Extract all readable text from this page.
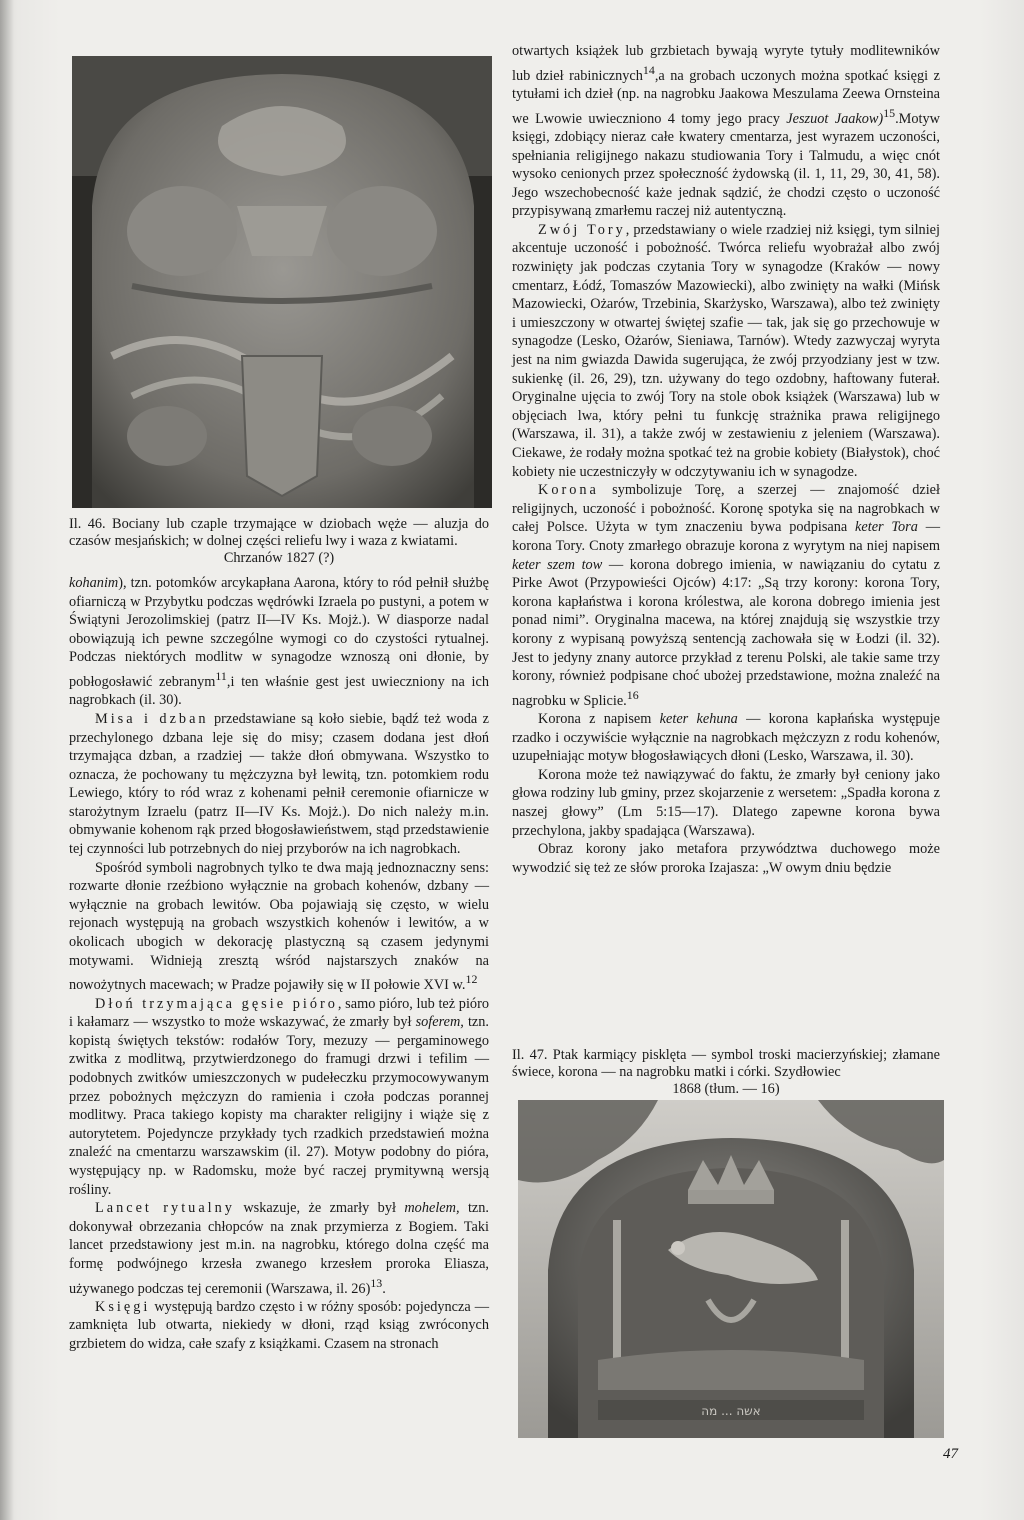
Il. 46. Bociany lub czaple trzymające w dziobach węże — aluzja do czasów mesjańskich; w dolnej części reliefu lwy i waza z kwiatami.
Chrzanów 1827 (?)

kohanim), tzn. potomków arcykapłana Aarona, który to ród pełnił służbę ofiarniczą w Przybytku podczas wędrówki Izraela po pustyni, a potem w Świątyni Jerozolimskiej (patrz II—IV Ks. Mojż.). W diasporze nadal obowiązują ich pewne szczególne wymogi co do czystości rytualnej. Podczas niektórych modlitw w synagodze wznoszą oni dłonie, by pobłogosławić zebranym$^{11}$,i ten właśnie gest jest uwieczniony na ich nagrobkach (il. 30).

Misa i dzban przedstawiane są koło siebie, bądź też woda z przechylonego dzbana leje się do misy; czasem dodana jest dłoń trzymająca dzban, a rzadziej — także dłoń obmywana. Wszystko to oznacza, że pochowany tu mężczyzna był lewitą, tzn. potomkiem rodu Lewiego, który to ród wraz z kohenami pełnił ceremonie ofiarnicze w starożytnym Izraelu (patrz II—IV Ks. Mojż.). Do nich należy m.in. obmywanie kohenom rąk przed błogosławieństwem, stąd przedstawienie tej czynności lub potrzebnych do niej przyborów na ich nagrobkach.

Spośród symboli nagrobnych tylko te dwa mają jednoznaczny sens: rozwarte dłonie rzeźbiono wyłącznie na grobach kohenów, dzbany — wyłącznie na grobach lewitów. Oba pojawiają się często, w wielu rejonach występują na grobach wszystkich kohenów i lewitów, a w okolicach ubogich w dekorację plastyczną są czasem jedynymi motywami. Widnieją zresztą wśród najstarszych znaków na nowożytnych macewach; w Pradze pojawiły się w II połowie XVI w.$^{12}$

Dłoń trzymająca gęsie pióro, samo pióro, lub też pióro i kałamarz — wszystko to może wskazywać, że zmarły był soferem, tzn. kopistą świętych tekstów: rodałów Tory, mezuzy — pergaminowego zwitka z modlitwą, przytwierdzonego do framugi drzwi i tefilim — podobnych zwitków umieszczonych w pudełeczku przymocowywanym przez pobożnych mężczyzn do ramienia i czoła podczas porannej modlitwy. Praca takiego kopisty ma charakter religijny i wiąże się z autorytetem. Pojedyncze przykłady tych rzadkich przedstawień można znaleźć na cmentarzu warszawskim (il. 27). Motyw podobny do pióra, występujący np. w Radomsku, może być raczej prymitywną wersją rośliny.

Lancet rytualny wskazuje, że zmarły był mohelem, tzn. dokonywał obrzezania chłopców na znak przymierza z Bogiem. Taki lancet przedstawiony jest m.in. na nagrobku, którego dolna część ma formę podwójnego krzesła zwanego krzesłem proroka Eliasza, używanego podczas tej ceremonii (Warszawa, il. 26)$^{13}$.

Księgi występują bardzo często i w różny sposób: pojedyncza — zamknięta lub otwarta, niekiedy w dłoni, rząd ksiąg zwróconych grzbietem do widza, całe szafy z książkami. Czasem na stronach

otwartych książek lub grzbietach bywają wyryte tytuły modlitewników lub dzieł rabinicznych$^{14}$,a na grobach uczonych można spotkać księgi z tytułami ich dzieł (np. na nagrobku Jaakowa Meszulama Zeewa Ornsteina we Lwowie uwieczniono 4 tomy jego pracy Jeszuot Jaakow)$^{15}$.Motyw księgi, zdobiący nieraz całe kwatery cmentarza, jest wyrazem uczoności, spełniania religijnego nakazu studiowania Tory i Talmudu, a więc cnót wysoko cenionych przez społeczność żydowską (il. 1, 11, 29, 30, 41, 58). Jego wszechobecność każe jednak sądzić, że chodzi często o uczoność przypisywaną zmarłemu raczej niż autentyczną.

Zwój Tory, przedstawiany o wiele rzadziej niż księgi, tym silniej akcentuje uczoność i pobożność. Twórca reliefu wyobrażał albo zwój rozwinięty jak podczas czytania Tory w synagodze (Kraków — nowy cmentarz, Łódź, Tomaszów Mazowiecki), albo zwinięty na wałki (Mińsk Mazowiecki, Ożarów, Trzebinia, Skarżysko, Warszawa), albo też zwinięty i umieszczony w otwartej świętej szafie — tak, jak się go przechowuje w synagodze (Lesko, Ożarów, Sieniawa, Tarnów). Wtedy zazwyczaj wyryta jest na nim gwiazda Dawida sugerująca, że zwój przyodziany jest w tzw. sukienkę (il. 26, 29), tzn. używany do tego ozdobny, haftowany futerał. Oryginalne ujęcia to zwój Tory na stole obok książek (Warszawa) lub w objęciach lwa, który pełni tu funkcję strażnika prawa religijnego (Warszawa, il. 31), a także zwój w zestawieniu z jeleniem (Warszawa). Ciekawe, że rodały można spotkać też na grobie kobiety (Białystok), choć kobiety nie uczestniczyły w odczytywaniu ich w synagodze.

Korona symbolizuje Torę, a szerzej — znajomość dzieł religijnych, uczoność i pobożność. Koronę spotyka się na nagrobkach w całej Polsce. Użyta w tym znaczeniu bywa podpisana keter Tora — korona Tory. Cnoty zmarłego obrazuje korona z wyrytym na niej napisem keter szem tow — korona dobrego imienia, w nawiązaniu do cytatu z Pirke Awot (Przypowieści Ojców) 4:17: „Są trzy korony: korona Tory, korona kapłaństwa i korona królestwa, ale korona dobrego imienia jest ponad nimi”. Oryginalna macewa, na której znajdują się wszystkie trzy korony z wypisaną powyższą sentencją zachowała się w Łodzi (il. 32). Jest to jedyny znany autorce przykład z terenu Polski, ale takie same trzy korony, również podpisane choć ubożej przedstawione, można znaleźć na nagrobku w Splicie.$^{16}$

Korona z napisem keter kehuna — korona kapłańska występuje rzadko i oczywiście wyłącznie na nagrobkach mężczyzn z rodu kohenów, uzupełniając motyw błogosławiących dłoni (Lesko, Warszawa, il. 30).

Korona może też nawiązywać do faktu, że zmarły był ceniony jako głowa rodziny lub gminy, przez skojarzenie z wersetem: „Spadła korona z naszej głowy” (Lm 5:15—17). Dlatego zapewne korona bywa przechylona, jakby spadająca (Warszawa).

Obraz korony jako metafora przywództwa duchowego może wywodzić się też ze słów proroka Izajasza: „W owym dniu będzie

Il. 47. Ptak karmiący pisklęta — symbol troski macierzyńskiej; złamane świece, korona — na nagrobku matki i córki. Szydłowiec
1868 (tłum. — 16)
אשה ... מה
47
